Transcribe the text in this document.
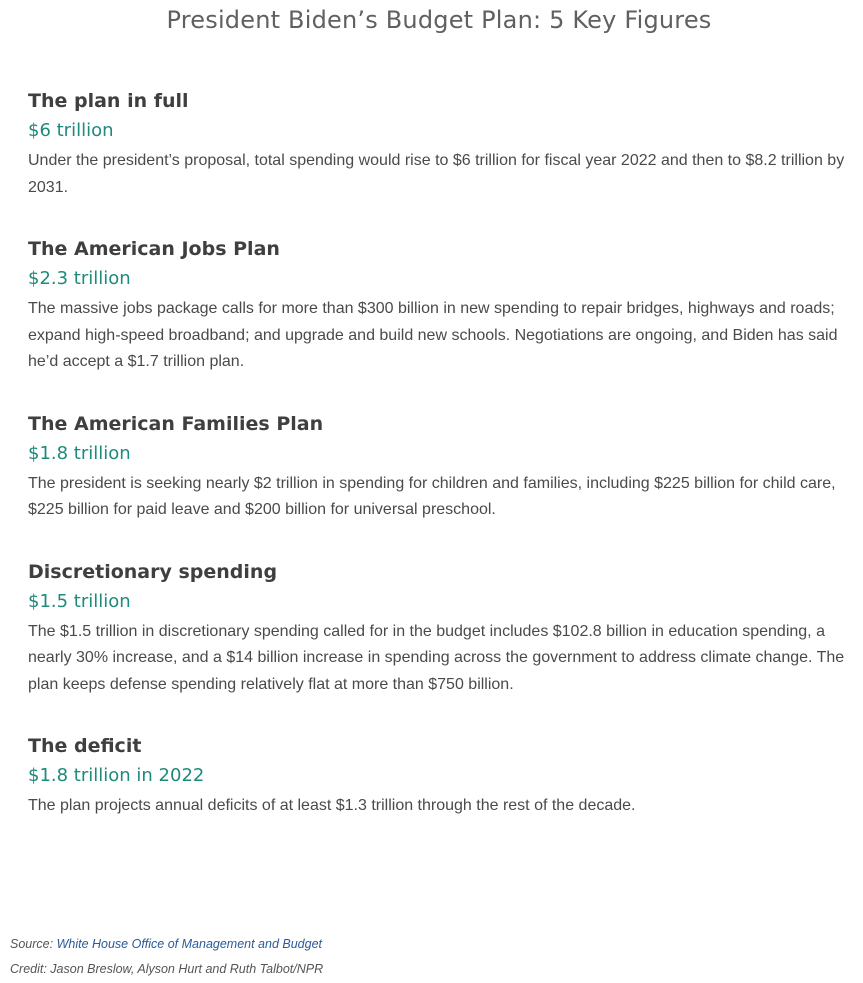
President Biden’s Budget Plan: 5 Key Figures
The plan in full
$6 trillion

Under the president’s proposal, total spending would rise to $6 trillion for fiscal year 2022 and then to $8.2 trillion by 2031.

The American Jobs Plan
$2.3 trillion

The massive jobs package calls for more than $300 billion in new spending to repair bridges, highways and roads; expand high-speed broadband; and upgrade and build new schools. Negotiations are ongoing, and Biden has said he’d accept a $1.7 trillion plan.

The American Families Plan
$1.8 trillion

The president is seeking nearly $2 trillion in spending for children and families, including $225 billion for child care, $225 billion for paid leave and $200 billion for universal preschool.

Discretionary spending
$1.5 trillion

The $1.5 trillion in discretionary spending called for in the budget includes $102.8 billion in education spending, a nearly 30% increase, and a $14 billion increase in spending across the government to address climate change. The plan keeps defense spending relatively flat at more than $750 billion.

The deficit
$1.8 trillion in 2022

The plan projects annual deficits of at least $1.3 trillion through the rest of the decade.

Source: White House Office of Management and Budget
Credit: Jason Breslow, Alyson Hurt and Ruth Talbot/NPR
